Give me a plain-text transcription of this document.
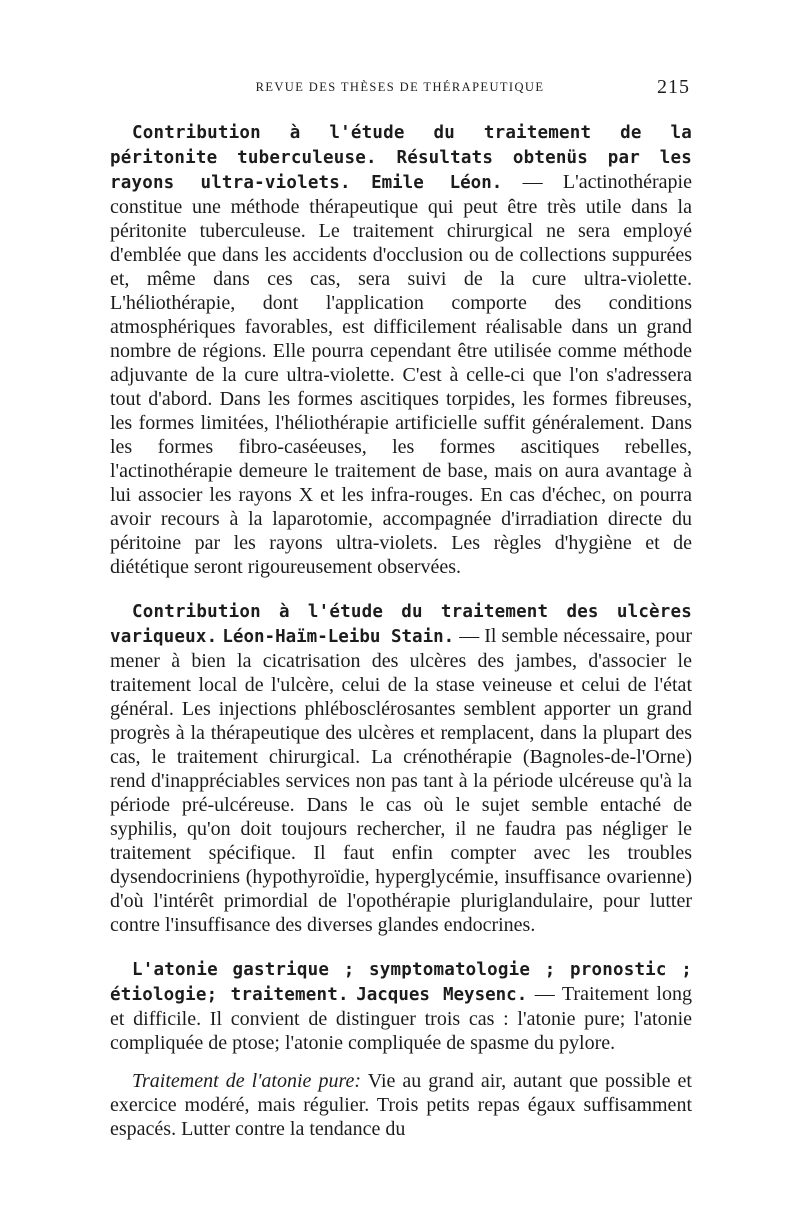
REVUE DES THÈSES DE THÉRAPEUTIQUE	215

Contribution à l'étude du traitement de la péritonite tuberculeuse. Résultats obtenüs par les rayons ultra-violets. Emile Léon. — L'actinothérapie constitue une méthode thérapeutique qui peut être très utile dans la péritonite tuberculeuse. Le traitement chirurgical ne sera employé d'emblée que dans les accidents d'occlusion ou de collections suppurées et, même dans ces cas, sera suivi de la cure ultra-violette. L'héliothérapie, dont l'application comporte des conditions atmosphériques favorables, est difficilement réalisable dans un grand nombre de régions. Elle pourra cependant être utilisée comme méthode adjuvante de la cure ultra-violette. C'est à celle-ci que l'on s'adressera tout d'abord. Dans les formes ascitiques torpides, les formes fibreuses, les formes limitées, l'héliothérapie artificielle suffit généralement. Dans les formes fibro-caséeuses, les formes ascitiques rebelles, l'actinothérapie demeure le traitement de base, mais on aura avantage à lui associer les rayons X et les infra-rouges. En cas d'échec, on pourra avoir recours à la laparotomie, accompagnée d'irradiation directe du péritoine par les rayons ultra-violets. Les règles d'hygiène et de diététique seront rigoureusement observées.

Contribution à l'étude du traitement des ulcères variqueux. Léon-Haïm-Leibu Stain. — Il semble nécessaire, pour mener à bien la cicatrisation des ulcères des jambes, d'associer le traitement local de l'ulcère, celui de la stase veineuse et celui de l'état général. Les injections phlébosclérosantes semblent apporter un grand progrès à la thérapeutique des ulcères et remplacent, dans la plupart des cas, le traitement chirurgical. La crénothérapie (Bagnoles-de-l'Orne) rend d'inappréciables services non pas tant à la période ulcéreuse qu'à la période pré-ulcéreuse. Dans le cas où le sujet semble entaché de syphilis, qu'on doit toujours rechercher, il ne faudra pas négliger le traitement spécifique. Il faut enfin compter avec les troubles dysendocriniens (hypothyroïdie, hyperglycémie, insuffisance ovarienne) d'où l'intérêt primordial de l'opothérapie pluriglandulaire, pour lutter contre l'insuffisance des diverses glandes endocrines.

L'atonie gastrique ; symptomatologie ; pronostic ; étiologie; traitement. Jacques Meysenc. — Traitement long et difficile. Il convient de distinguer trois cas : l'atonie pure; l'atonie compliquée de ptose; l'atonie compliquée de spasme du pylore.

Traitement de l'atonie pure: Vie au grand air, autant que possible et exercice modéré, mais régulier. Trois petits repas égaux suffisamment espacés. Lutter contre la tendance du
